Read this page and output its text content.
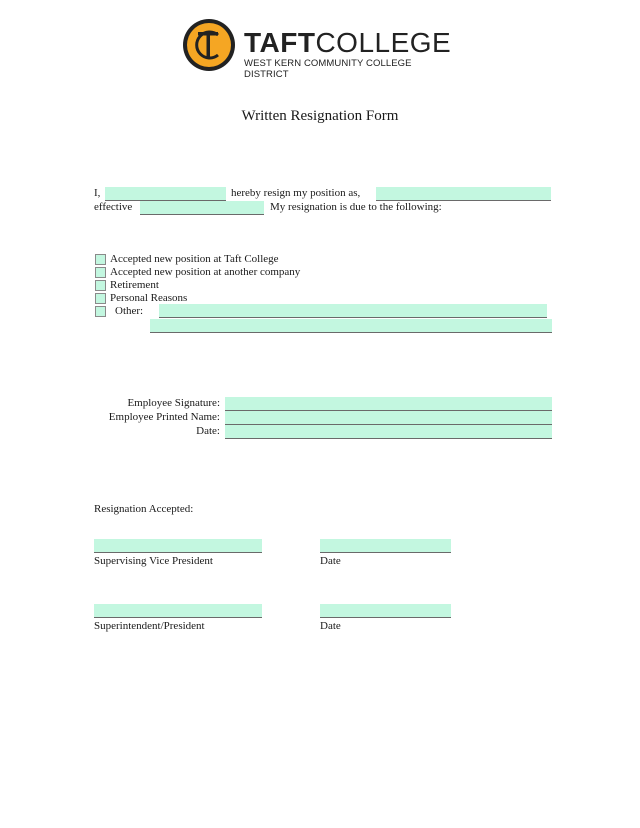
TAFTCOLLEGE
WEST KERN COMMUNITY COLLEGE DISTRICT
Written Resignation Form
I,	hereby resign my position as,
effective	My resignation is due to the following:
Accepted new position at Taft College
Accepted new position at another company
Retirement
Personal Reasons
Other:
Employee Signature:
Employee Printed Name:
Date:
Resignation Accepted:
Supervising Vice President	Date
Superintendent/President	Date
